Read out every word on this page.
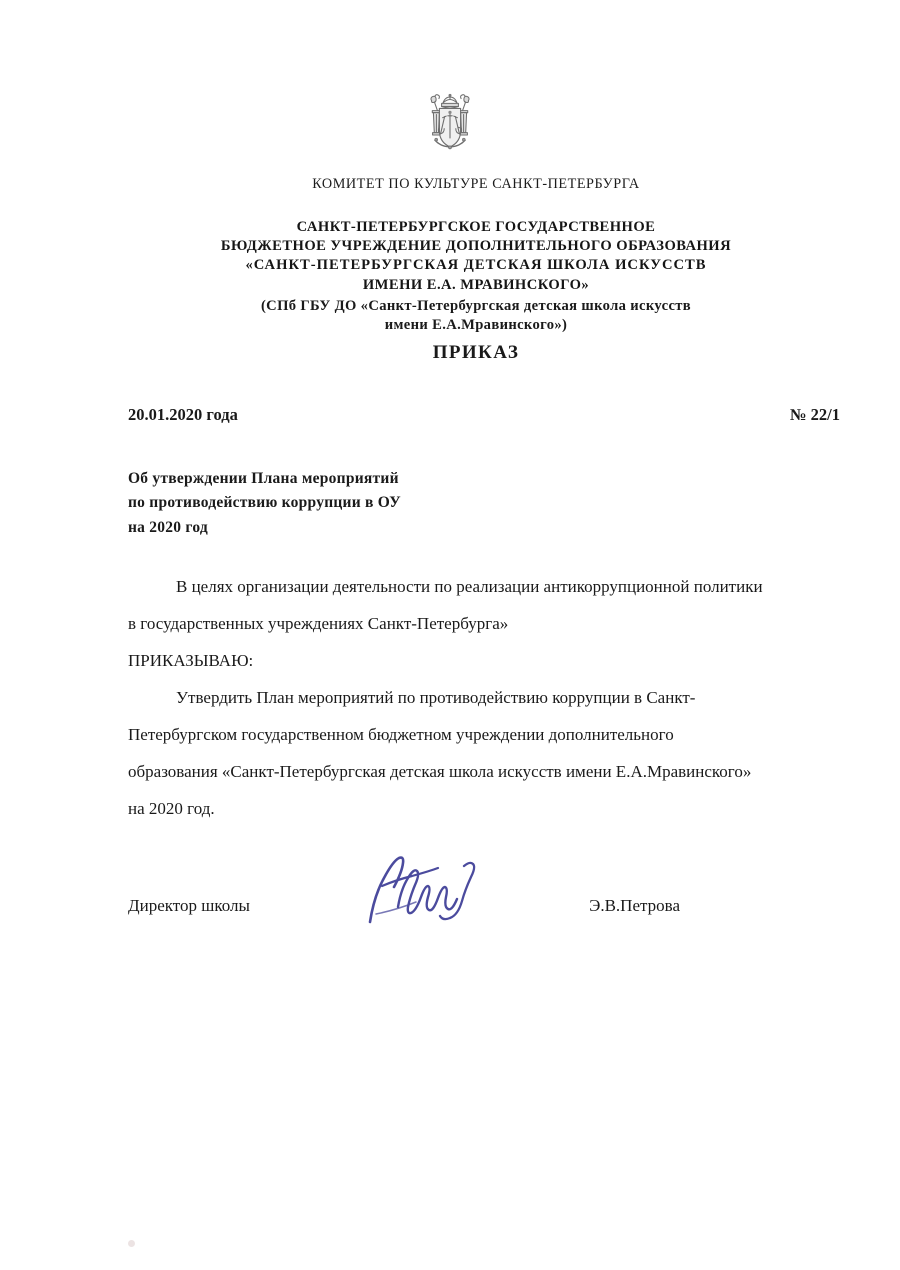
КОМИТЕТ ПО КУЛЬТУРЕ САНКТ-ПЕТЕРБУРГА
САНКТ-ПЕТЕРБУРГСКОЕ ГОСУДАРСТВЕННОЕ
БЮДЖЕТНОЕ УЧРЕЖДЕНИЕ ДОПОЛНИТЕЛЬНОГО ОБРАЗОВАНИЯ
«САНКТ-ПЕТЕРБУРГСКАЯ ДЕТСКАЯ ШКОЛА ИСКУССТВ
ИМЕНИ Е.А. МРАВИНСКОГО»
(СПб ГБУ ДО «Санкт-Петербургская детская школа искусств
имени Е.А.Мравинского»)
ПРИКАЗ
20.01.2020 года	№ 22/1
Об утверждении Плана мероприятий
по противодействию коррупции в ОУ
на 2020 год

В целях организации деятельности по реализации антикоррупционной политики

в государственных учреждениях Санкт-Петербурга»

ПРИКАЗЫВАЮ:

Утвердить План мероприятий по противодействию коррупции в Санкт-

Петербургском государственном бюджетном учреждении дополнительного

образования «Санкт-Петербургская детская школа искусств имени Е.А.Мравинского»

на 2020 год.

Директор школы	Э.В.Петрова
